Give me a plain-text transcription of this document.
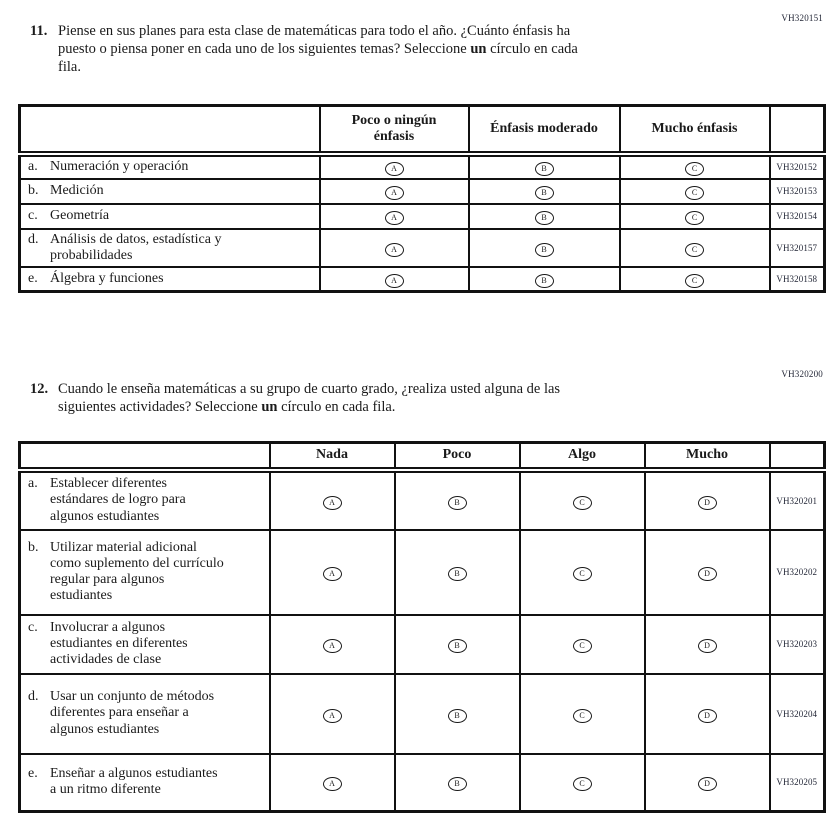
VH320151
11. Piense en sus planes para esta clase de matemáticas para todo el año. ¿Cuánto énfasis ha puesto o piensa poner en cada uno de los siguientes temas? Seleccione un círculo en cada fila.
	Poco o ningún énfasis	Énfasis moderado	Mucho énfasis	
a. Numeración y operación	A	B	C	VH320152
b. Medición	A	B	C	VH320153
c. Geometría	A	B	C	VH320154
d. Análisis de datos, estadística y probabilidades	A	B	C	VH320157
e. Álgebra y funciones	A	B	C	VH320158
VH320200
12. Cuando le enseña matemáticas a su grupo de cuarto grado, ¿realiza usted alguna de las siguientes actividades? Seleccione un círculo en cada fila.
	Nada	Poco	Algo	Mucho	
a. Establecer diferentes estándares de logro para algunos estudiantes	A	B	C	D	VH320201
b. Utilizar material adicional como suplemento del currículo regular para algunos estudiantes	A	B	C	D	VH320202
c. Involucrar a algunos estudiantes en diferentes actividades de clase	A	B	C	D	VH320203
d. Usar un conjunto de métodos diferentes para enseñar a algunos estudiantes	A	B	C	D	VH320204
e. Enseñar a algunos estudiantes a un ritmo diferente	A	B	C	D	VH320205
